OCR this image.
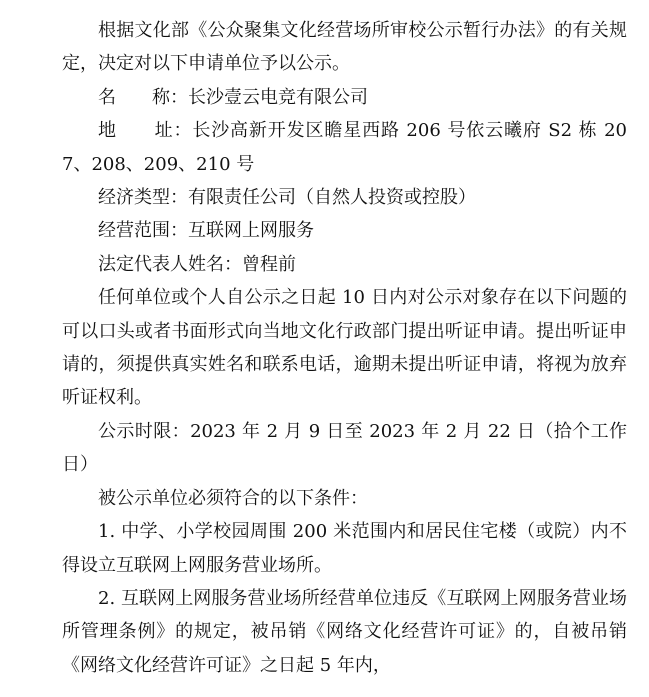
根据文化部《公众聚集文化经营场所审校公示暂行办法》的有关规定，决定对以下申请单位予以公示。

名　　称：长沙壹云电竞有限公司

地　　址：长沙高新开发区瞻星西路 206 号依云曦府 S2 栋 207、208、209、210 号

经济类型：有限责任公司（自然人投资或控股）

经营范围：互联网上网服务

法定代表人姓名：曾程前

任何单位或个人自公示之日起 10 日内对公示对象存在以下问题的可以口头或者书面形式向当地文化行政部门提出听证申请。提出听证申请的，须提供真实姓名和联系电话，逾期未提出听证申请，将视为放弃听证权利。

公示时限：2023 年 2 月 9 日至 2023 年 2 月 22 日（拾个工作日）

被公示单位必须符合的以下条件：

1. 中学、小学校园周围 200 米范围内和居民住宅楼（或院）内不得设立互联网上网服务营业场所。

2. 互联网上网服务营业场所经营单位违反《互联网上网服务营业场所管理条例》的规定，被吊销《网络文化经营许可证》的，自被吊销《网络文化经营许可证》之日起 5 年内，
